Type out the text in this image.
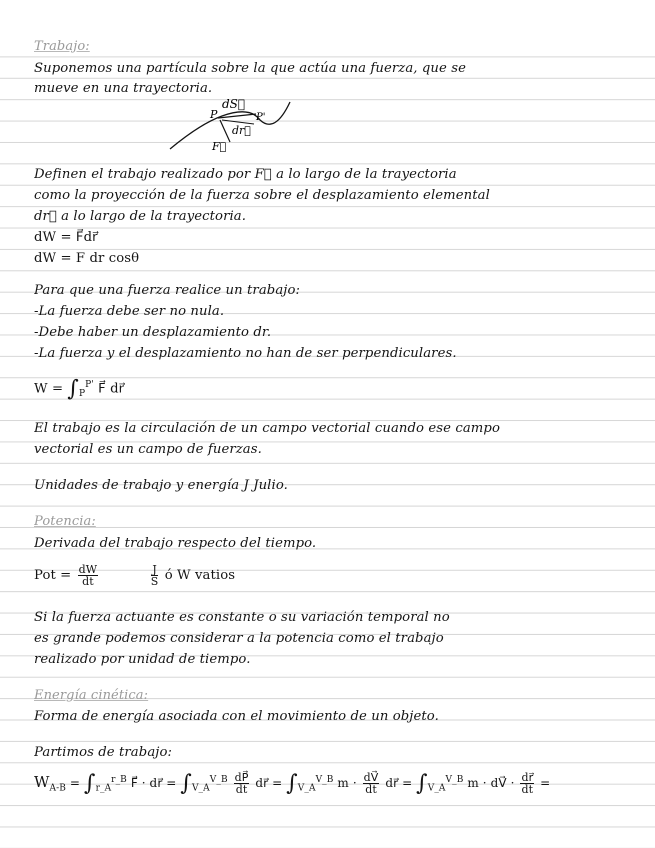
Trabajo:
Suponemos una partícula sobre la que actúa una fuerza, que se
mueve en una trayectoria.
dS⃗
P	P'
dr⃗
F⃗
Definen el trabajo realizado por F⃗ a lo largo de la trayectoria
como la proyección de la fuerza sobre el desplazamiento elemental
dr⃗ a lo largo de la trayectoria.
dW = F⃗dr⃗
dW = F dr cosθ
Para que una fuerza realice un trabajo:
-La fuerza debe ser no nula.
-Debe haber un desplazamiento dr.
-La fuerza y el desplazamiento no han de ser perpendiculares.
$W = \int_P^{P'}$ F⃗ dr⃗
El trabajo es la circulación de un campo vectorial cuando ese campo
vectorial es un campo de fuerzas.
Unidades de trabajo y energía J Julio.
Potencia:
Derivada del trabajo respecto del tiempo.
Pot = $\frac{dW}{dt}$
	$\frac{J}{S}$ ó W vatios
Si la fuerza actuante es constante o su variación temporal no
es grande podemos considerar a la potencia como el trabajo
realizado por unidad de tiempo.
Energía cinética:
Forma de energía asociada con el movimiento de un objeto.
Partimos de trabajo:
$W_{A-B} = \int_{r\_A}^{r\_B}$ F⃗ · dr⃗ = $\int_{V\_A}^{V\_B} \frac{dP⃗}{dt}$ dr⃗ = $\int_{V\_A}^{V\_B}$ $m \cdot \frac{dV⃗}{dt}$ dr⃗ = $\int_{V\_A}^{V\_B}$ m · dV⃗ · $\frac{dr⃗}{dt}$ =
